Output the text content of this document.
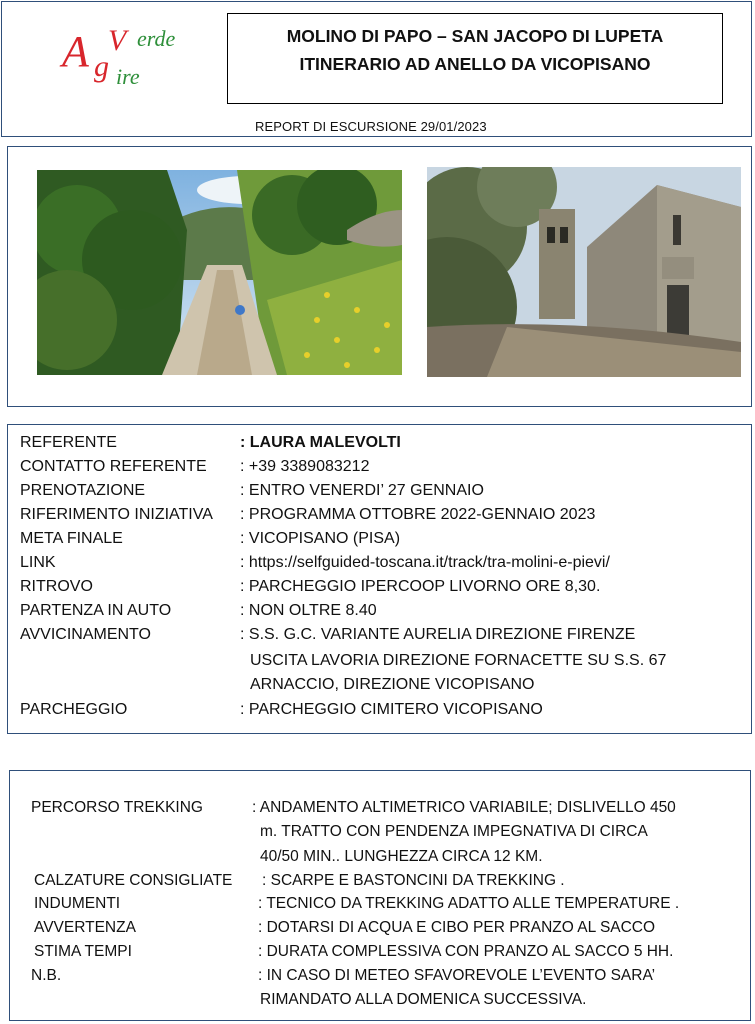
A V erde
g ire
MOLINO DI PAPO – SAN JACOPO DI LUPETA
ITINERARIO AD ANELLO DA VICOPISANO
REPORT DI ESCURSIONE 29/01/2023
REFERENTE	: LAURA MALEVOLTI
CONTATTO REFERENTE : +39 3389083212
PRENOTAZIONE	: ENTRO VENERDI’ 27 GENNAIO
RIFERIMENTO INIZIATIVA : PROGRAMMA OTTOBRE 2022-GENNAIO 2023
META FINALE	: VICOPISANO (PISA)
LINK	: https://selfguided-toscana.it/track/tra-molini-e-pievi/
RITROVO	: PARCHEGGIO IPERCOOP LIVORNO ORE 8,30.
PARTENZA IN AUTO	: NON OLTRE 8.40
AVVICINAMENTO	: S.S. G.C. VARIANTE AURELIA DIREZIONE FIRENZE
USCITA LAVORIA DIREZIONE FORNACETTE SU S.S. 67
ARNACCIO, DIREZIONE VICOPISANO
PARCHEGGIO	: PARCHEGGIO CIMITERO VICOPISANO
PERCORSO TREKKING	: ANDAMENTO ALTIMETRICO VARIABILE; DISLIVELLO 450
m. TRATTO CON PENDENZA IMPEGNATIVA DI CIRCA
40/50 MIN.. LUNGHEZZA CIRCA 12 KM.
CALZATURE CONSIGLIATE : SCARPE E BASTONCINI DA TREKKING .
INDUMENTI	: TECNICO DA TREKKING ADATTO ALLE TEMPERATURE .
AVVERTENZA	: DOTARSI DI ACQUA E CIBO PER PRANZO AL SACCO
STIMA TEMPI	: DURATA COMPLESSIVA CON PRANZO AL SACCO 5 HH.
N.B.	: IN CASO DI METEO SFAVOREVOLE L’EVENTO SARA’
RIMANDATO ALLA DOMENICA SUCCESSIVA.
